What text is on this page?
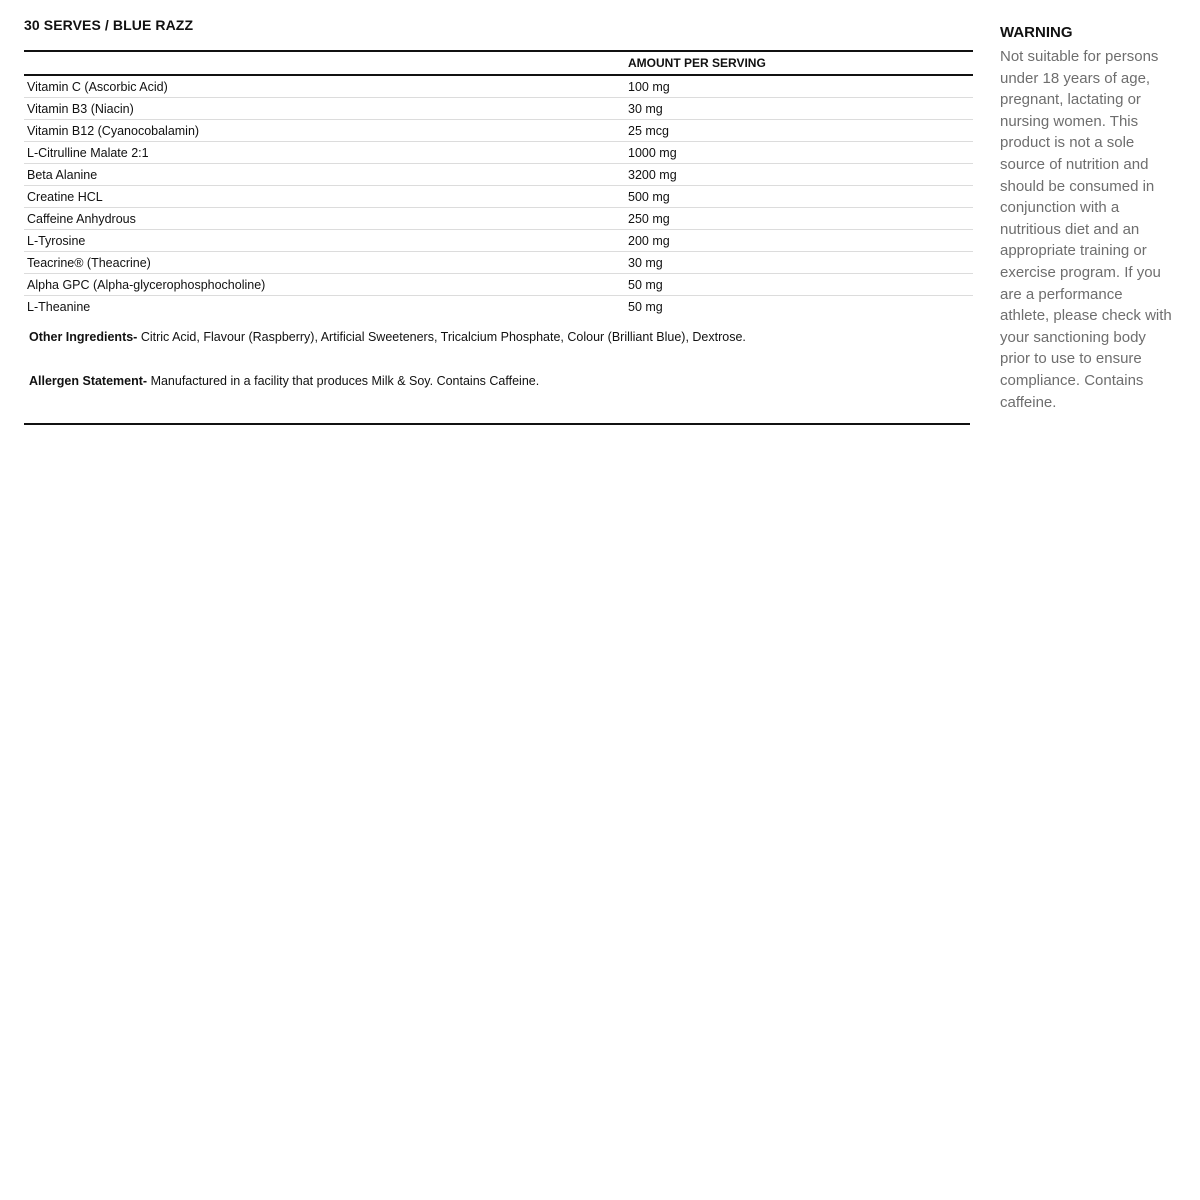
30 SERVES / BLUE RAZZ
	AMOUNT PER SERVING
Vitamin C (Ascorbic Acid)	100 mg
Vitamin B3 (Niacin)	30 mg
Vitamin B12 (Cyanocobalamin)	25 mcg
L-Citrulline Malate 2:1	1000 mg
Beta Alanine	3200 mg
Creatine HCL	500 mg
Caffeine Anhydrous	250 mg
L-Tyrosine	200 mg
Teacrine® (Theacrine)	30 mg
Alpha GPC (Alpha-glycerophosphocholine)	50 mg
L-Theanine	50 mg
Other Ingredients- Citric Acid, Flavour (Raspberry), Artificial Sweeteners, Tricalcium Phosphate, Colour (Brilliant Blue), Dextrose.
Allergen Statement- Manufactured in a facility that produces Milk & Soy. Contains Caffeine.
WARNING

Not suitable for persons under 18 years of age, pregnant, lactating or nursing women. This product is not a sole source of nutrition and should be consumed in conjunction with a nutritious diet and an appropriate training or exercise program. If you are a performance athlete, please check with your sanctioning body prior to use to ensure compliance. Contains caffeine.
